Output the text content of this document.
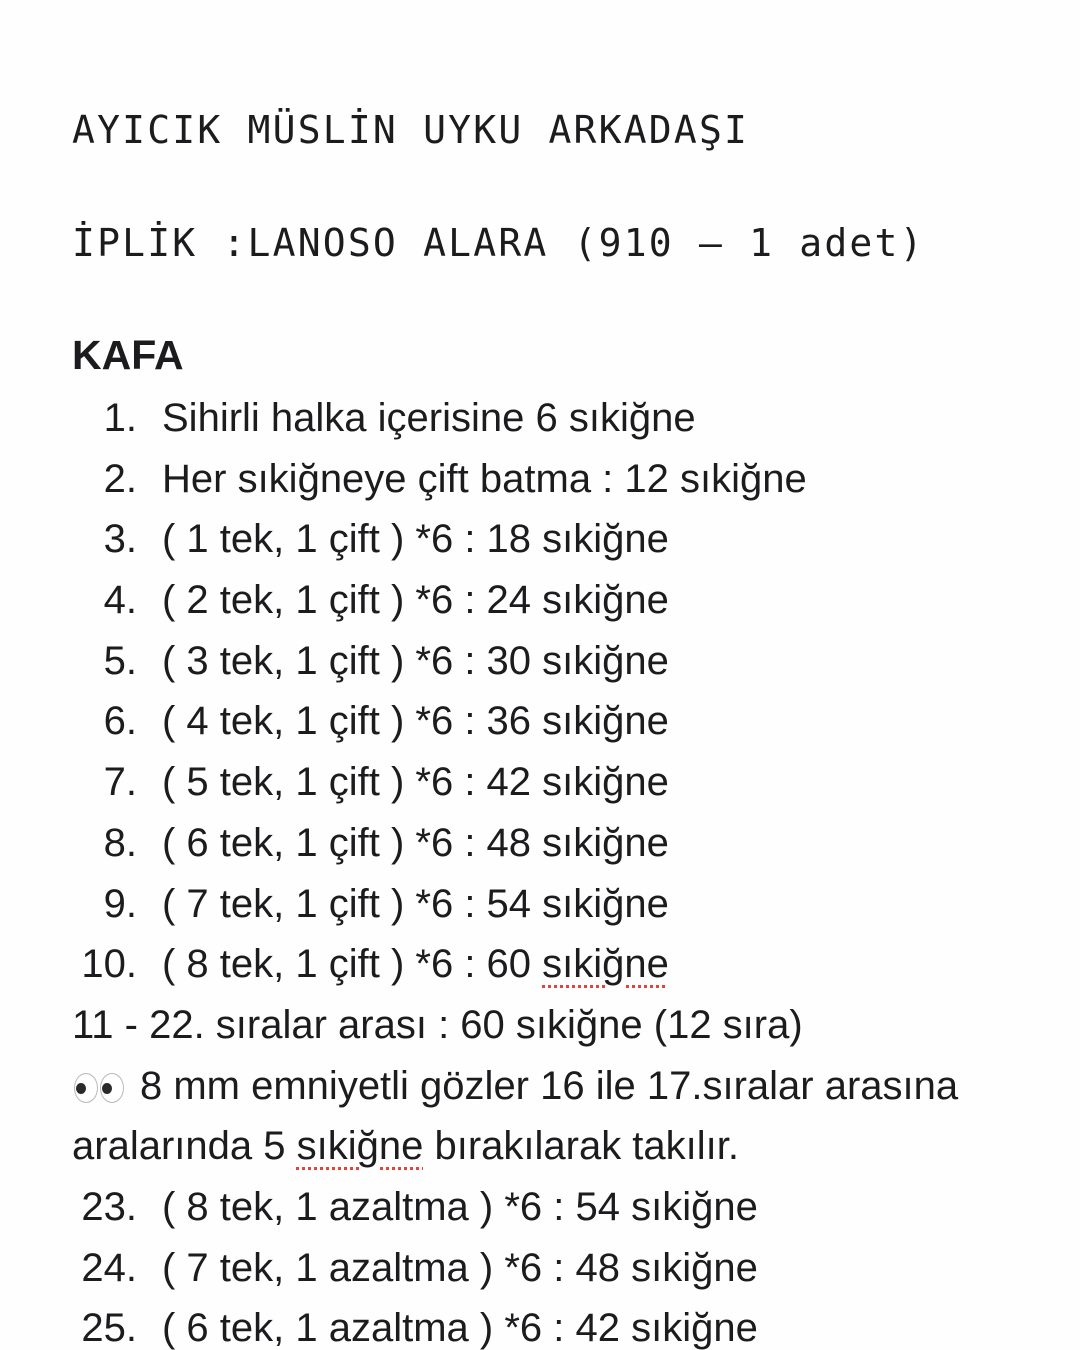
AYICIK MÜSLİN UYKU ARKADAŞI
İPLİK :LANOSO ALARA (910 – 1 adet)
KAFA
1. Sihirli halka içerisine 6 sıkiğne
2. Her sıkiğneye çift batma : 12 sıkiğne
3. ( 1 tek, 1 çift ) *6 : 18 sıkiğne
4. ( 2 tek, 1 çift ) *6 : 24 sıkiğne
5. ( 3 tek, 1 çift ) *6 : 30 sıkiğne
6. ( 4 tek, 1 çift ) *6 : 36 sıkiğne
7. ( 5 tek, 1 çift ) *6 : 42 sıkiğne
8. ( 6 tek, 1 çift ) *6 : 48 sıkiğne
9. ( 7 tek, 1 çift ) *6 : 54 sıkiğne
10. ( 8 tek, 1 çift ) *6 : 60 sıkiğne
11 - 22. sıralar arası : 60 sıkiğne (12 sıra)
8 mm emniyetli gözler 16 ile 17.sıralar arasına
aralarında 5 sıkiğne bırakılarak takılır.
23. ( 8 tek, 1 azaltma ) *6 : 54 sıkiğne
24. ( 7 tek, 1 azaltma ) *6 : 48 sıkiğne
25. ( 6 tek, 1 azaltma ) *6 : 42 sıkiğne
